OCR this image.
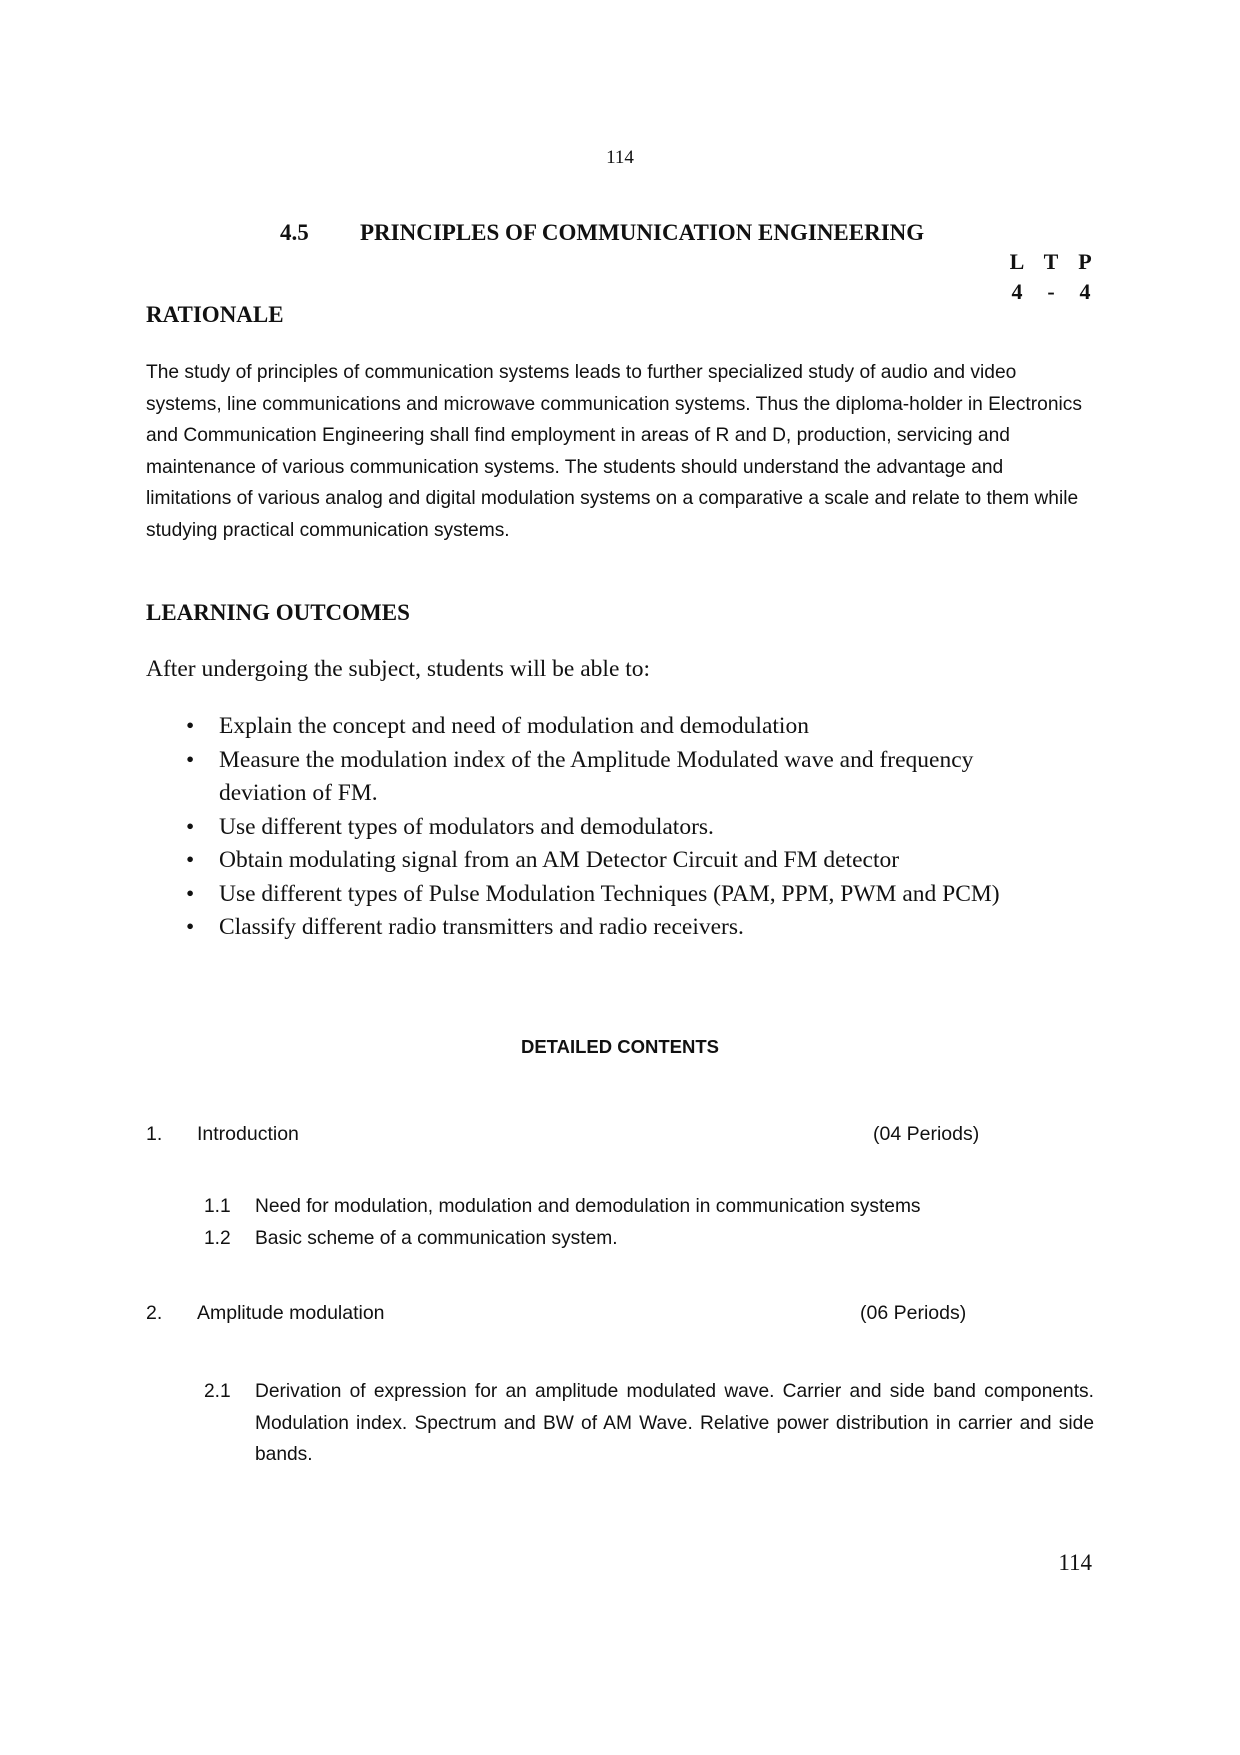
114
4.5 PRINCIPLES OF COMMUNICATION ENGINEERING
L	T	P
4	-	4
RATIONALE
The study of principles of communication systems leads to further specialized study of audio and video systems, line communications and microwave communication systems. Thus the diploma-holder in Electronics and Communication Engineering shall find employment in areas of R and D, production, servicing and maintenance of various communication systems. The students should understand the advantage and limitations of various analog and digital modulation systems on a comparative a scale and relate to them while studying practical communication systems.
LEARNING OUTCOMES
After undergoing the subject, students will be able to:
• Explain the concept and need of modulation and demodulation
• Measure the modulation index of the Amplitude Modulated wave and frequency deviation of FM.
• Use different types of modulators and demodulators.
• Obtain modulating signal from an AM Detector Circuit and FM detector
• Use different types of Pulse Modulation Techniques (PAM, PPM, PWM and PCM)
• Classify different radio transmitters and radio receivers.
DETAILED CONTENTS
1. Introduction	(04 Periods)
1.1 Need for modulation, modulation and demodulation in communication systems
1.2 Basic scheme of a communication system.
2. Amplitude modulation	(06 Periods)
2.1 Derivation of expression for an amplitude modulated wave. Carrier and side band components. Modulation index. Spectrum and BW of AM Wave. Relative power distribution in carrier and side bands.
114
